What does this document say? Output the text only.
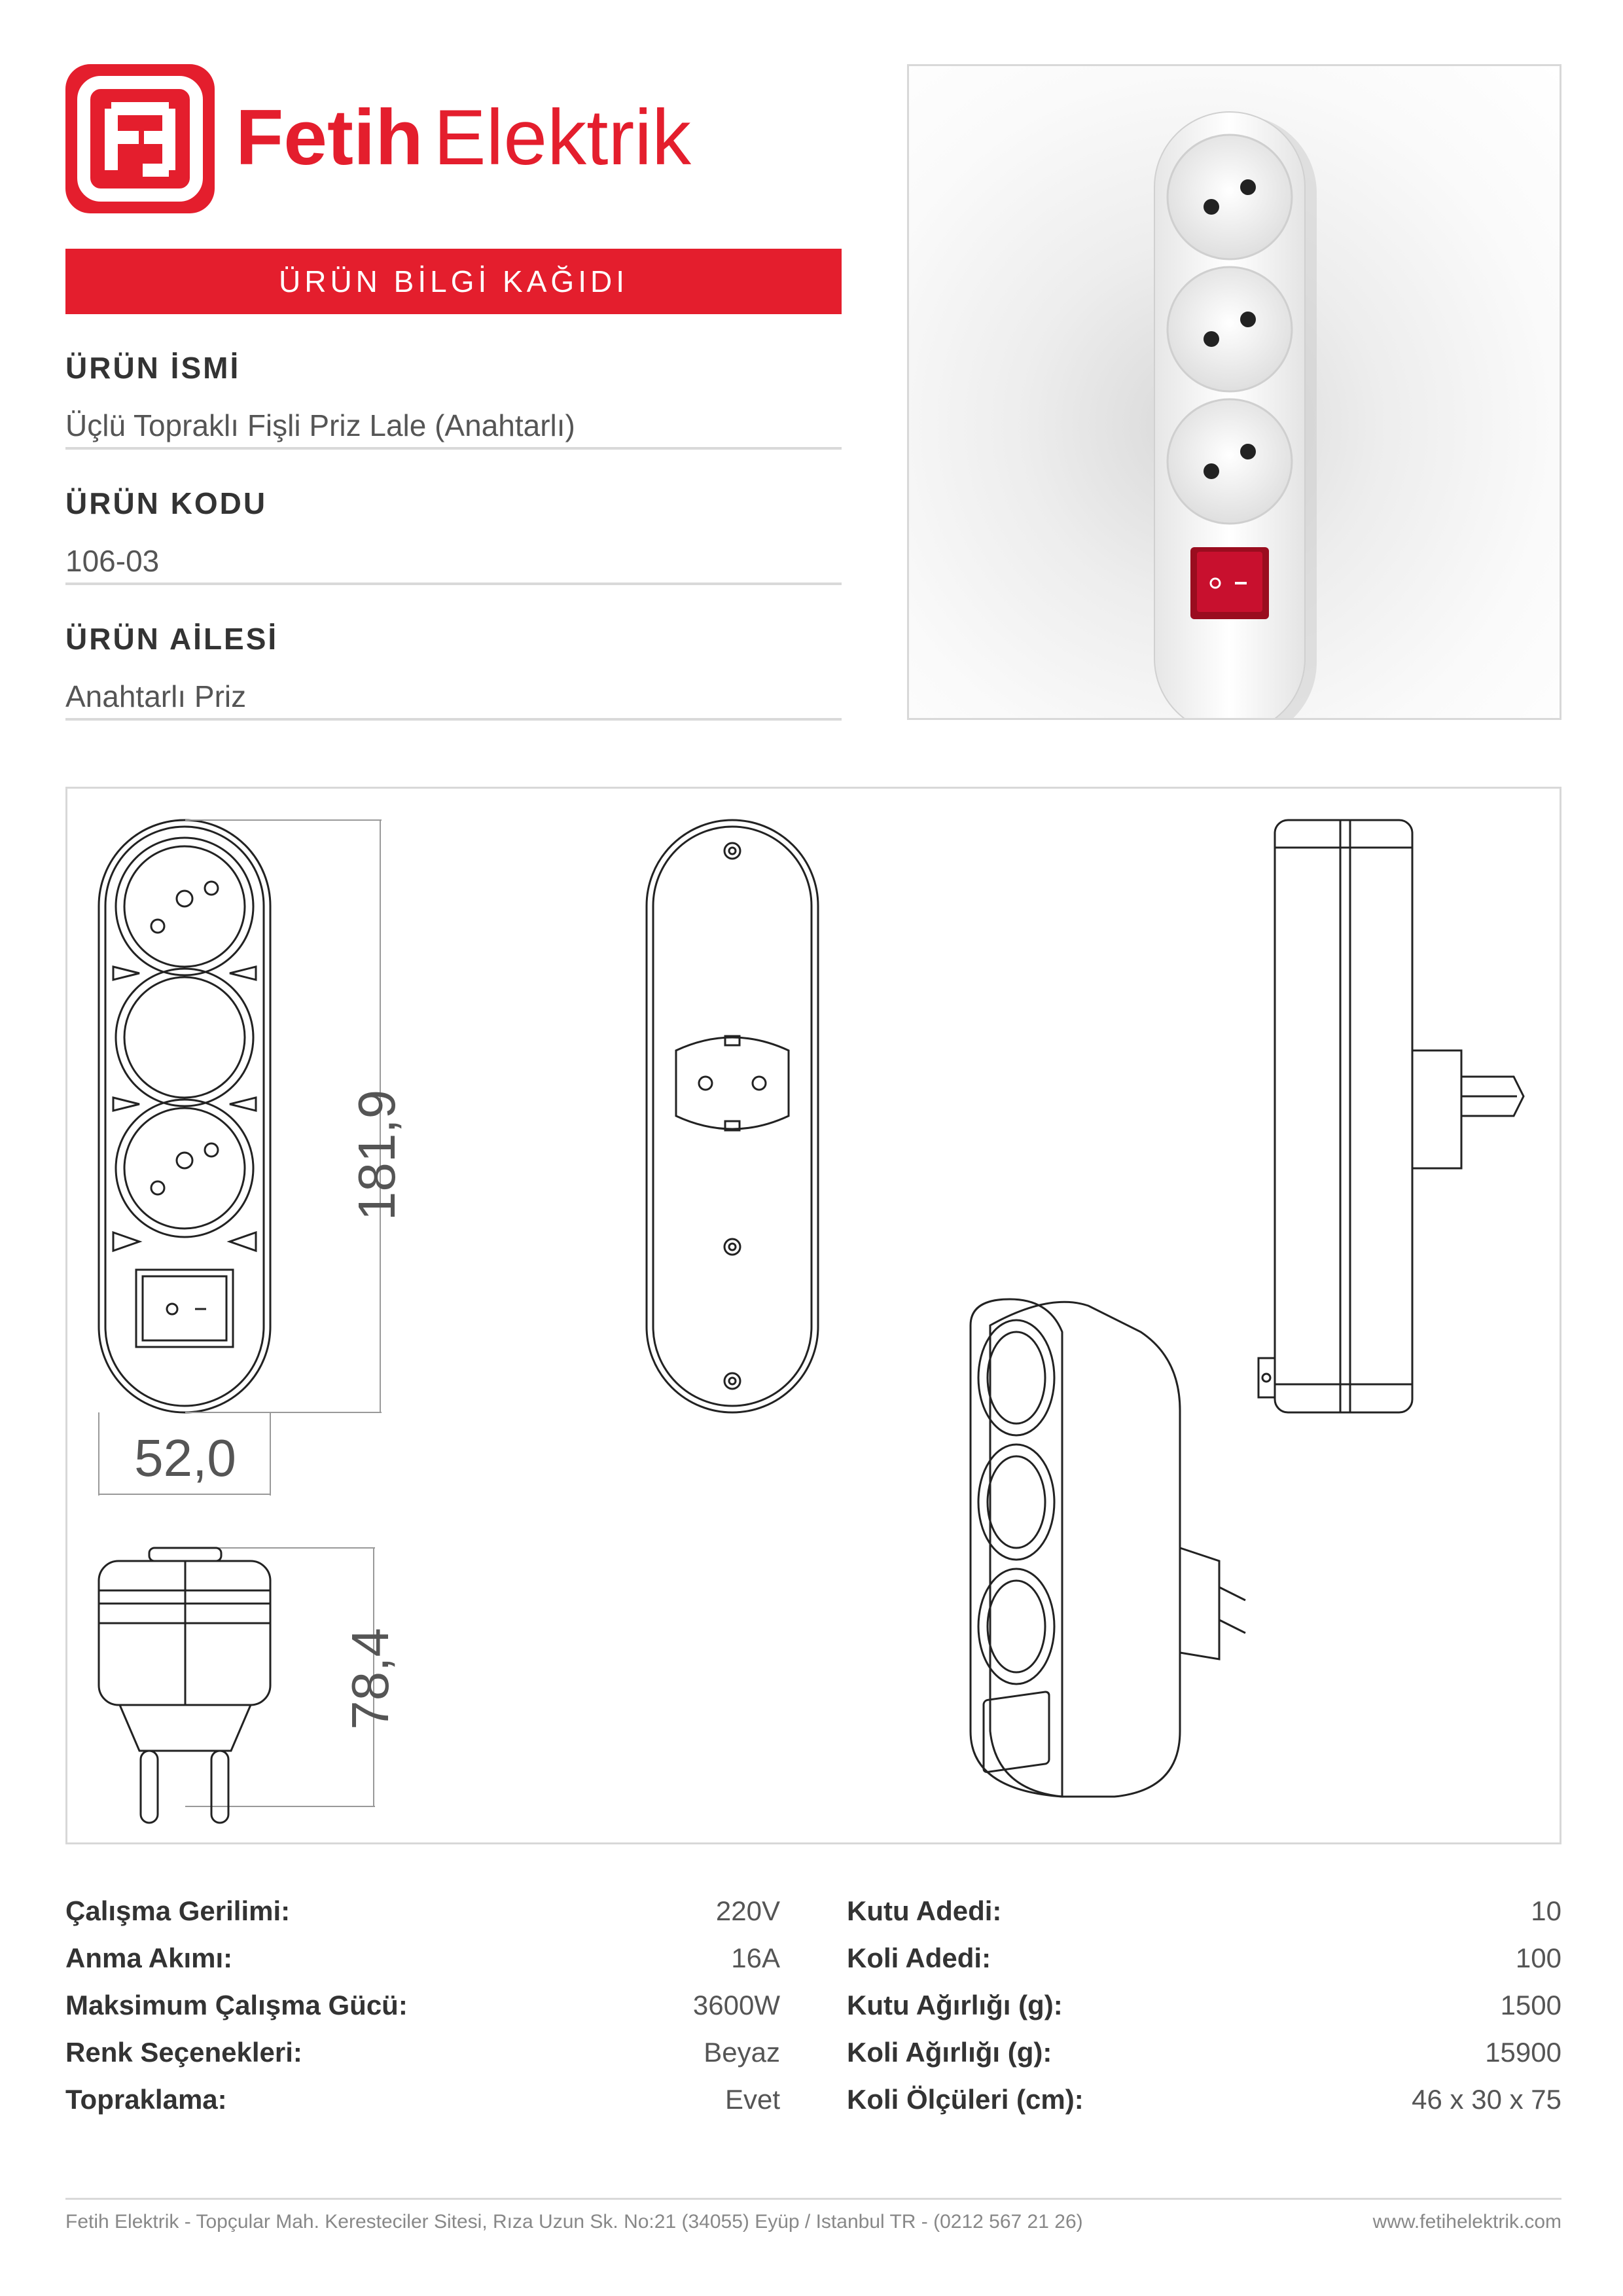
Fetih Elektrik
ÜRÜN BİLGİ KAĞIDI
ÜRÜN İSMİ
Üçlü Topraklı Fişli Priz Lale (Anahtarlı)
ÜRÜN KODU
106-03
ÜRÜN AİLESİ
Anahtarlı Priz
181,9
52,0
78,4
Çalışma Gerilimi:	220V
Anma Akımı:	16A
Maksimum Çalışma Gücü:	3600W
Renk Seçenekleri:	Beyaz
Topraklama:	Evet
Kutu Adedi:	10
Koli Adedi:	100
Kutu Ağırlığı (g):	1500
Koli Ağırlığı (g):	15900
Koli Ölçüleri (cm):	46 x 30 x 75
Fetih Elektrik - Topçular Mah. Keresteciler Sitesi, Rıza Uzun Sk. No:21 (34055) Eyüp / Istanbul TR - (0212 567 21 26)	www.fetihelektrik.com
